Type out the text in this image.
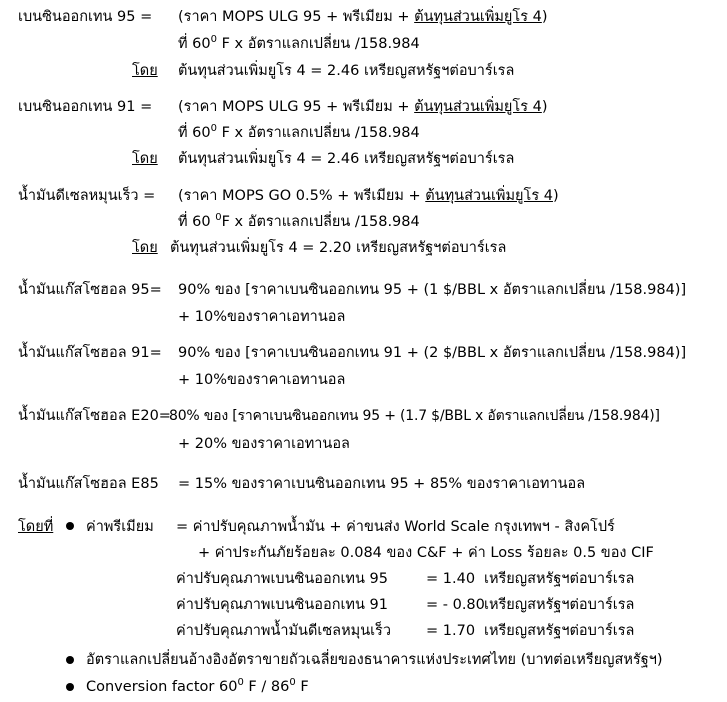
เบนซินออกเทน 95 = (ราคา MOPS ULG 95 + พรีเมียม + ต้นทุนส่วนเพิ่มยูโร 4)
ที่ $60^0$ F x อัตราแลกเปลี่ยน /158.984
โดย ต้นทุนส่วนเพิ่มยูโร 4 = 2.46 เหรียญสหรัฐฯต่อบาร์เรล
เบนซินออกเทน 91 = (ราคา MOPS ULG 95 + พรีเมียม + ต้นทุนส่วนเพิ่มยูโร 4)
ที่ $60^0$ F x อัตราแลกเปลี่ยน /158.984
โดย ต้นทุนส่วนเพิ่มยูโร 4 = 2.46 เหรียญสหรัฐฯต่อบาร์เรล
น้ำมันดีเซลหมุนเร็ว = (ราคา MOPS GO 0.5% + พรีเมียม + ต้นทุนส่วนเพิ่มยูโร 4)
ที่ 60 $^0$F x อัตราแลกเปลี่ยน /158.984
โดย ต้นทุนส่วนเพิ่มยูโร 4 = 2.20 เหรียญสหรัฐฯต่อบาร์เรล
น้ำมันแก๊สโซฮอล 95= 90% ของ [ราคาเบนซินออกเทน 95 + (1 $/BBL x อัตราแลกเปลี่ยน /158.984)]
+ 10%ของราคาเอทานอล
น้ำมันแก๊สโซฮอล 91= 90% ของ [ราคาเบนซินออกเทน 91 + (2 $/BBL x อัตราแลกเปลี่ยน /158.984)]
+ 10%ของราคาเอทานอล
น้ำมันแก๊สโซฮอล E20=
80% ของ [ราคาเบนซินออกเทน 95 + (1.7 $/BBL x อัตราแลกเปลี่ยน /158.984)]
+ 20% ของราคาเอทานอล
น้ำมันแก๊สโซฮอล E85 = 15% ของราคาเบนซินออกเทน 95 + 85% ของราคาเอทานอล
โดยที่ ค่าพรีเมียม = ค่าปรับคุณภาพน้ำมัน + ค่าขนส่ง World Scale กรุงเทพฯ - สิงคโปร์
+ ค่าประกันภัยร้อยละ 0.084 ของ C&F + ค่า Loss ร้อยละ 0.5 ของ CIF
ค่าปรับคุณภาพเบนซินออกเทน 95	= 1.40 เหรียญสหรัฐฯต่อบาร์เรล
ค่าปรับคุณภาพเบนซินออกเทน 91	= - 0.80 เหรียญสหรัฐฯต่อบาร์เรล
ค่าปรับคุณภาพน้ำมันดีเซลหมุนเร็ว = 1.70 เหรียญสหรัฐฯต่อบาร์เรล
อัตราแลกเปลี่ยนอ้างอิงอัตราขายถัวเฉลี่ยของธนาคารแห่งประเทศไทย (บาทต่อเหรียญสหรัฐฯ)
Conversion factor $60^0$ F / $86^0$ F
